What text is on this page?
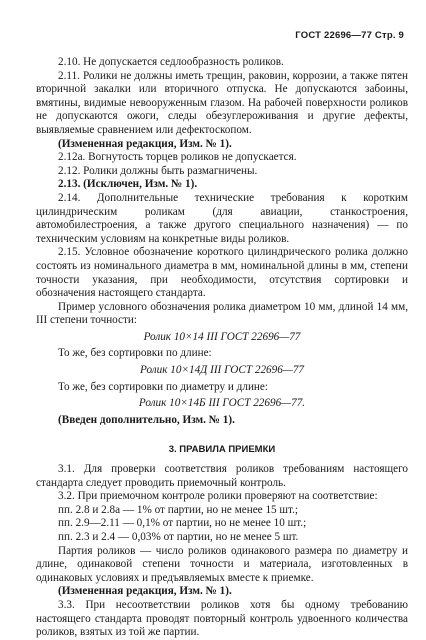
ГОСТ 22696—77 Стр. 9

2.10. Не допускается седлообразность роликов.

2.11. Ролики не должны иметь трещин, раковин, коррозии, а также пятен вторичной закалки или вторичного отпуска. Не допускаются забоины, вмятины, видимые невооруженным глазом. На рабочей поверхности роликов не допускаются ожоги, следы обезуглероживания и другие дефекты, выявляемые сравнением или дефектоскопом.

(Измененная редакция, Изм. № 1).

2.12а. Вогнутость торцев роликов не допускается.

2.12. Ролики должны быть размагничены.

2.13. (Исключен, Изм. № 1).

2.14. Дополнительные технические требования к коротким цилиндрическим роликам (для авиации, станкостроения, автомобилестроения, а также другого специального назначения) — по техническим условиям на конкретные виды роликов.

2.15. Условное обозначение короткого цилиндрического ролика должно состоять из номинального диаметра в мм, номинальной длины в мм, степени точности указания, при необходимости, отсутствия сортировки и обозначения настоящего стандарта.

Пример условного обозначения ролика диаметром 10 мм, длиной 14 мм, III степени точности:

Ролик 10×14 III ГОСТ 22696—77

То же, без сортировки по длине:

Ролик 10×14Д III ГОСТ 22696—77

То же, без сортировки по диаметру и длине:

Ролик 10×14Б III ГОСТ 22696—77.

(Введен дополнительно, Изм. № 1).

3. ПРАВИЛА ПРИЕМКИ

3.1. Для проверки соответствия роликов требованиям настоящего стандарта следует проводить приемочный контроль.

3.2. При приемочном контроле ролики проверяют на соответствие:

пп. 2.8 и 2.8а — 1% от партии, но не менее 15 шт.;

пп. 2.9—2.11 — 0,1% от партии, но не менее 10 шт.;

пп. 2.3 и 2.4 — 0,03% от партии, но не менее 5 шт.

Партия роликов — число роликов одинакового размера по диаметру и длине, одинаковой степени точности и материала, изготовленных в одинаковых условиях и предъявляемых вместе к приемке.

(Измененная редакция, Изм. № 1).

3.3. При несоответствии роликов хотя бы одному требованию настоящего стандарта проводят повторный контроль удвоенного количества роликов, взятых из той же партии.
